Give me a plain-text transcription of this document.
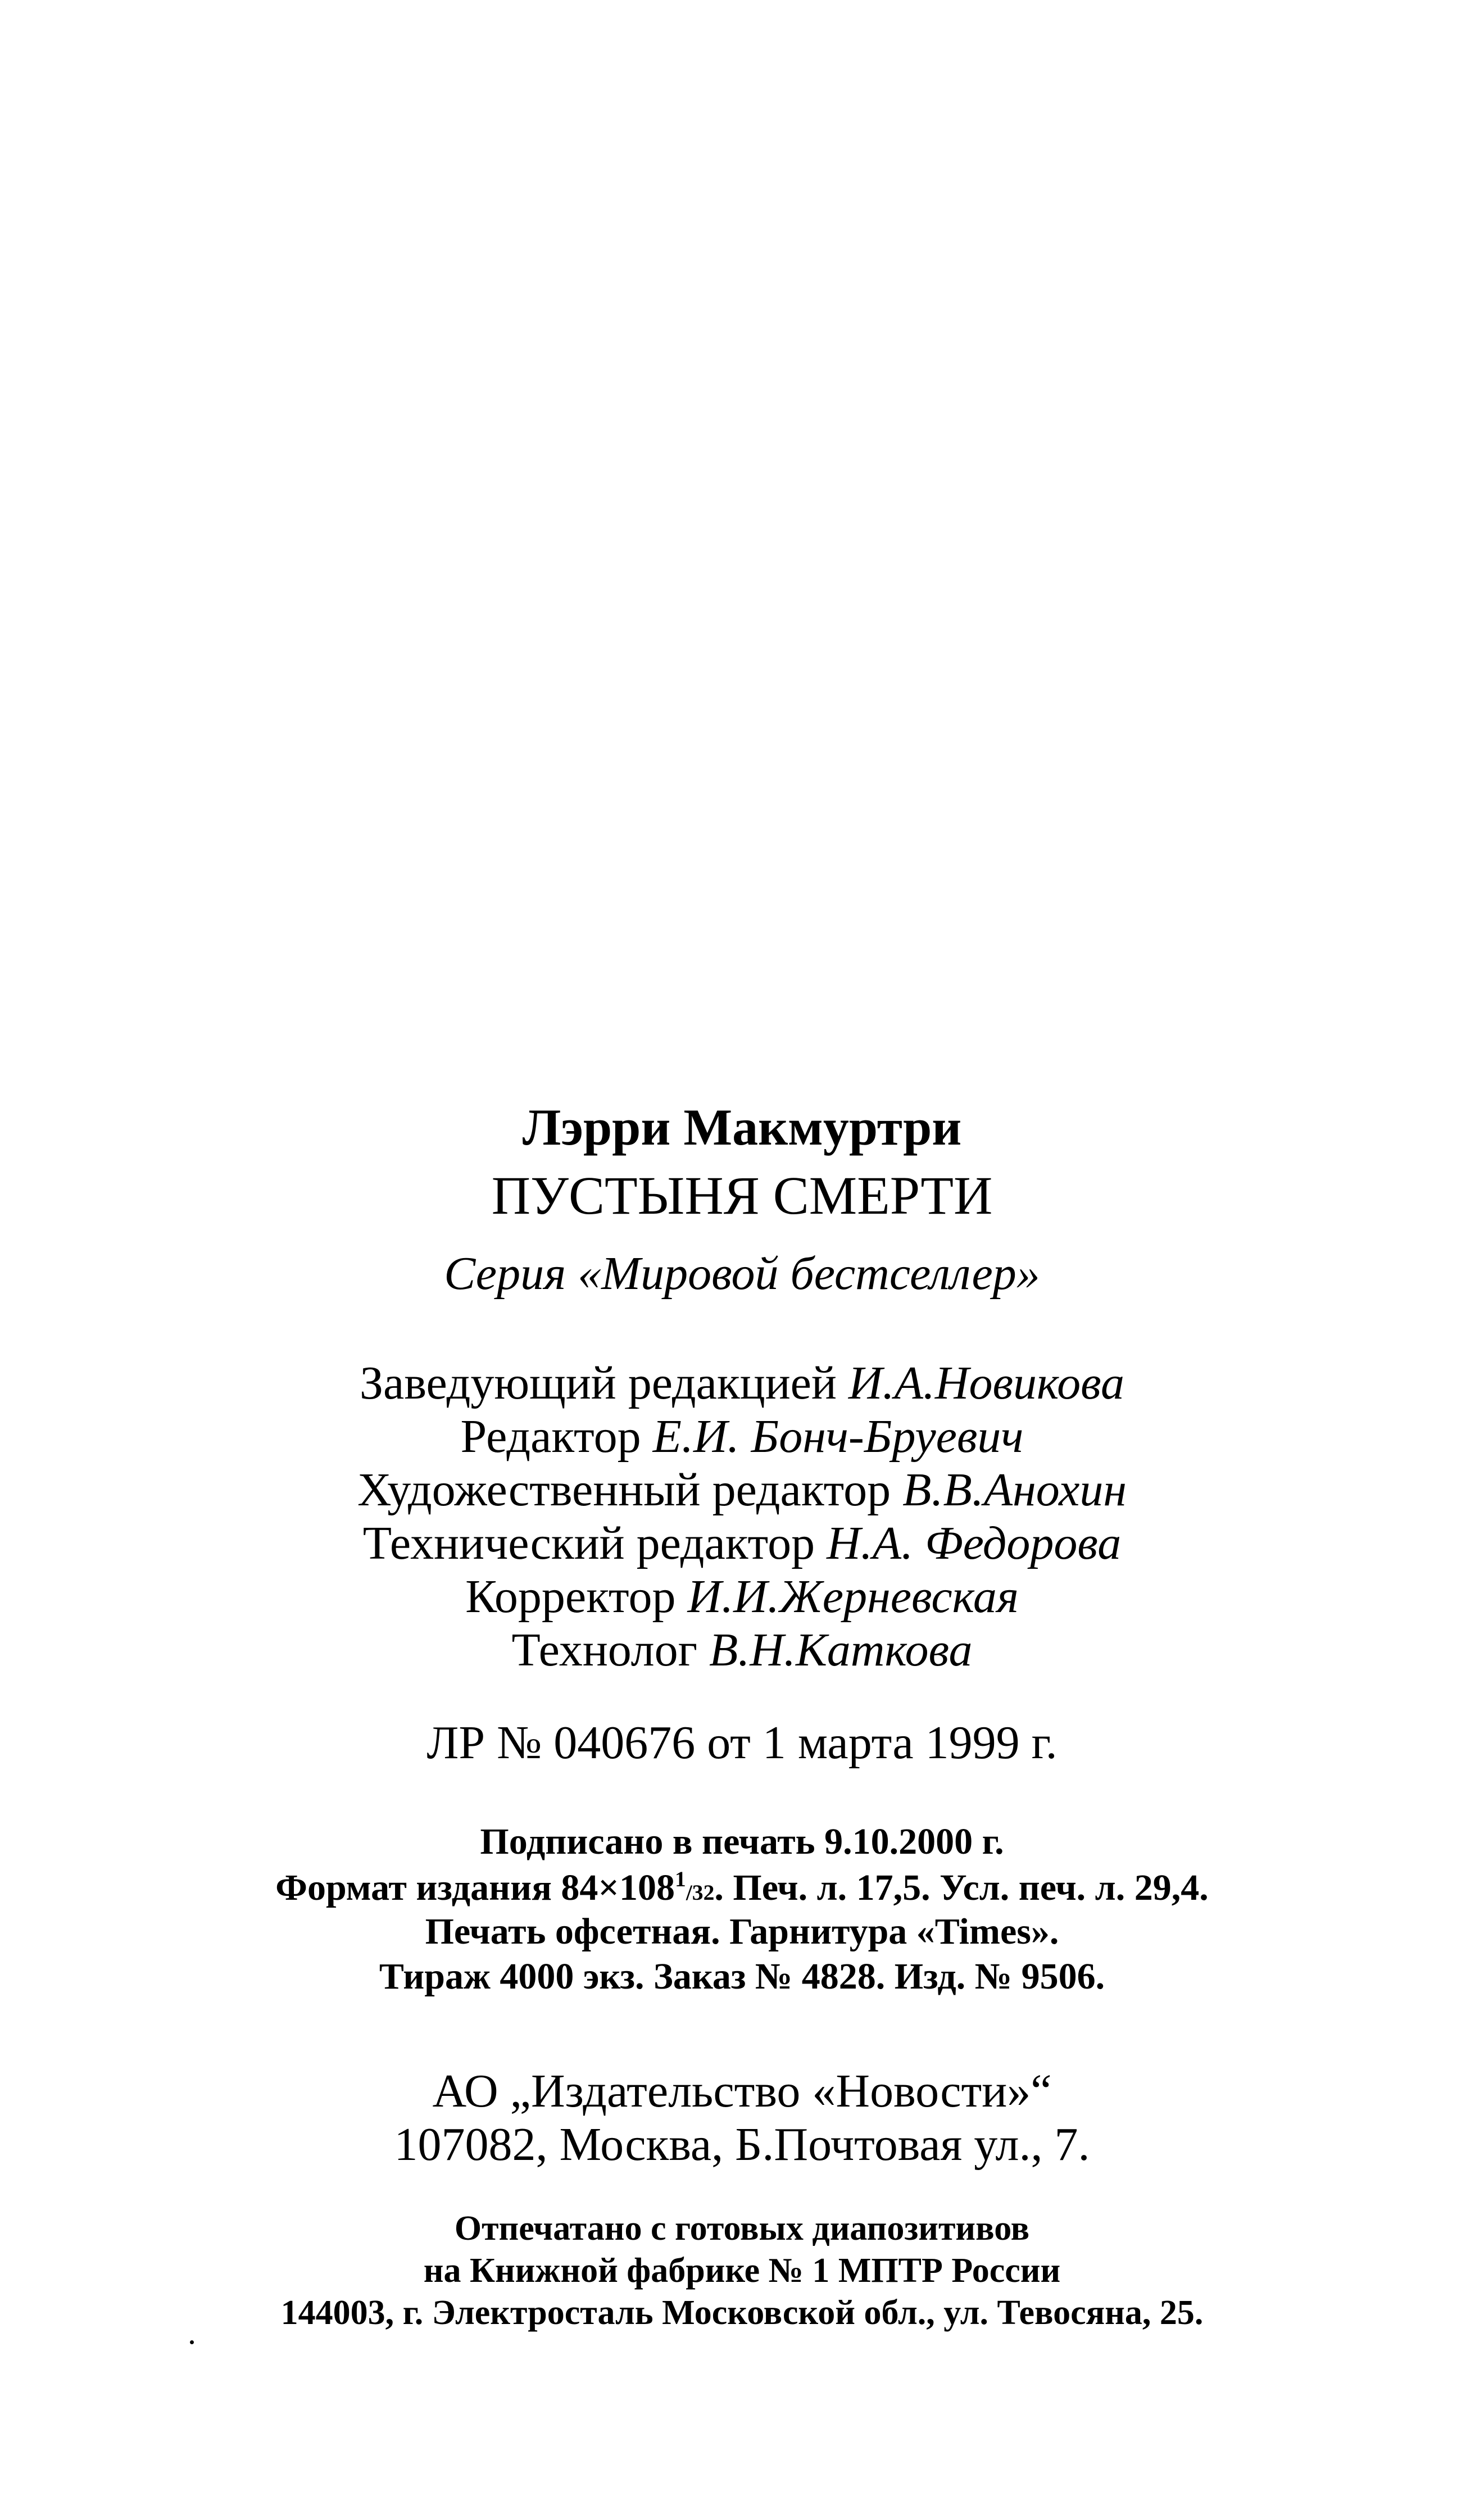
Лэрри Макмуртри
ПУСТЫНЯ СМЕРТИ
Серия «Мировой бестселлер»
Заведующий редакцией И.А.Новикова
Редактор Е.И. Бонч-Бруевич
Художественный редактор В.В.Анохин
Технический редактор Н.А. Федорова
Корректор И.И.Жерневская
Технолог В.Н.Каткова
ЛР № 040676 от 1 марта 1999 г.
Подписано в печать 9.10.2000 г.
Формат издания $84\times 108^1/32$. Печ. л. 17,5. Усл. печ. л. 29,4.
Печать офсетная. Гарнитура «Times».
Тираж 4000 экз. Заказ № 4828. Изд. № 9506.
АО „Издательство «Новости»“
107082, Москва, Б.Почтовая ул., 7.
Отпечатано с готовых диапозитивов
на Книжной фабрике № 1 МПТР России
144003, г. Электросталь Московской обл., ул. Тевосяна, 25.
